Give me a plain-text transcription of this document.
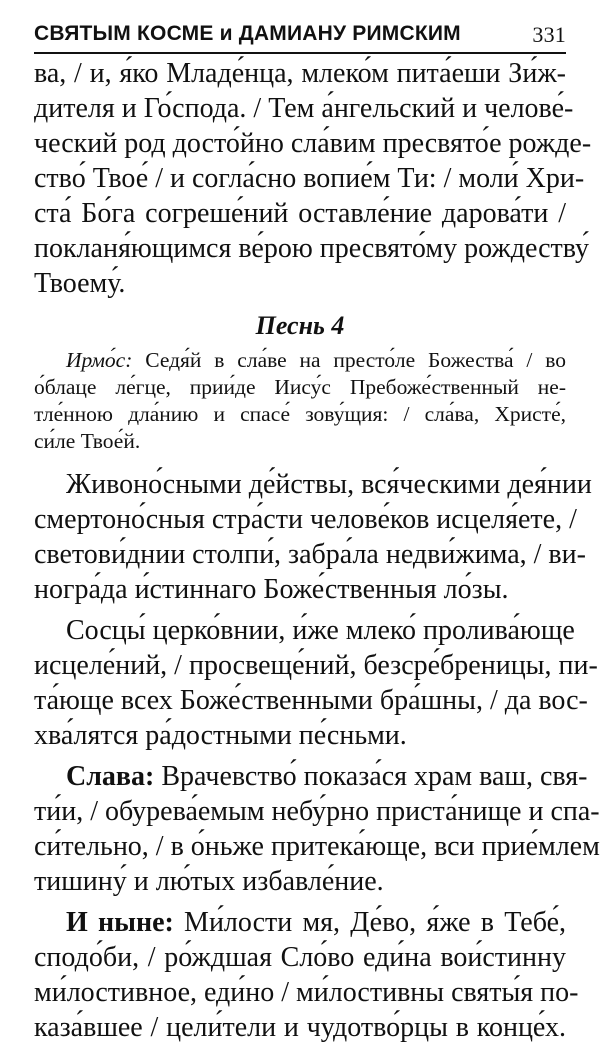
СВЯТЫМ КОСМЕ и ДАМИАНУ РИМСКИМ	331
ва, / и, я́ко Младе́нца, млеко́м пита́еши Зи́ж-
дителя и Го́спода. / Тем а́нгельский и челове́-
ческий род досто́йно сла́вим пресвято́е рожде-
ство́ Твое́ / и согла́сно вопие́м Ти: / моли́ Хри-
ста́ Бо́га согреше́ний оставле́ние дарова́ти /
покланя́ющимся ве́рою пресвято́му рождеству́
Твоему́.
Песнь 4
Ирмо́с: Седя́й в сла́ве на престо́ле Божества́ / во
о́блаце ле́гце, прии́де Иису́с Пребоже́ственный не-
тле́нною дла́нию и спасе́ зову́щия: / сла́ва, Христе́,
си́ле Твое́й.
Живоно́сными де́йствы, вся́ческими дея́нии
смертоно́сныя стра́сти челове́ков исцеля́ете, /
светови́днии столпи́, забра́ла недви́жима, / ви-
ногра́да и́стиннаго Боже́ственныя ло́зы.
Сосцы́ церко́внии, и́же млеко́ пролива́юще
исцеле́ний, / просвеще́ний, безсре́бреницы, пи-
та́юще всех Боже́ственными бра́шны, / да вос-
хва́лятся ра́достными пе́сньми.
Слава: Врачевство́ показа́ся храм ваш, свя-
ти́и, / обурева́емым небу́рно приста́нище и спа-
си́тельно, / в о́ньже притека́юще, вси прие́млем
тишину́ и лю́тых избавле́ние.
И ныне: Ми́лости мя, Де́во, я́же в Тебе́,
сподо́би, / ро́ждшая Сло́во еди́на вои́стинну
ми́лостивное, еди́но / ми́лостивны святы́я по-
каза́вшее / цели́тели и чудотво́рцы в конце́х.
